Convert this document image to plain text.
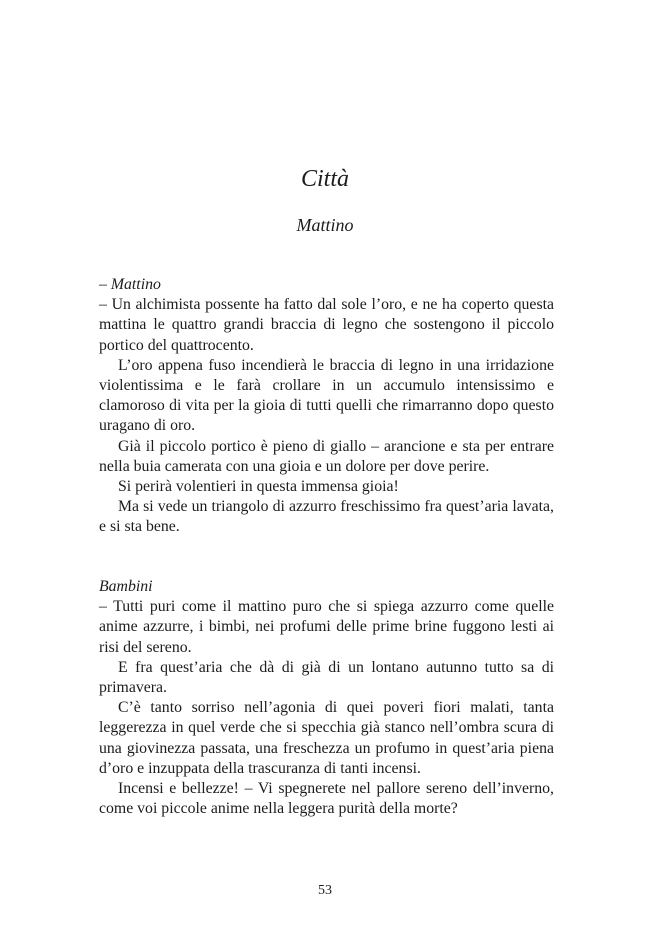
Città
Mattino

– Mattino

– Un alchimista possente ha fatto dal sole l’oro, e ne ha coperto questa mattina le quattro grandi braccia di legno che sostengono il piccolo portico del quattrocento.

L’oro appena fuso incendierà le braccia di legno in una irridazione violentissima e le farà crollare in un accumulo intensissimo e clamoroso di vita per la gioia di tutti quelli che rimarranno dopo questo uragano di oro.

Già il piccolo portico è pieno di giallo – arancione e sta per entrare nella buia camerata con una gioia e un dolore per dove perire.

Si perirà volentieri in questa immensa gioia!

Ma si vede un triangolo di azzurro freschissimo fra quest’aria lavata, e si sta bene.

Bambini

– Tutti puri come il mattino puro che si spiega azzurro come quelle anime azzurre, i bimbi, nei profumi delle prime brine fuggono lesti ai risi del sereno.

E fra quest’aria che dà di già di un lontano autunno tutto sa di primavera.

C’è tanto sorriso nell’agonia di quei poveri fiori malati, tanta leggerezza in quel verde che si specchia già stanco nell’ombra scura di una giovinezza passata, una freschezza un profumo in quest’aria piena d’oro e inzuppata della trascuranza di tanti incensi.

Incensi e bellezze! – Vi spegnerete nel pallore sereno dell’inverno, come voi piccole anime nella leggera purità della morte?

53
